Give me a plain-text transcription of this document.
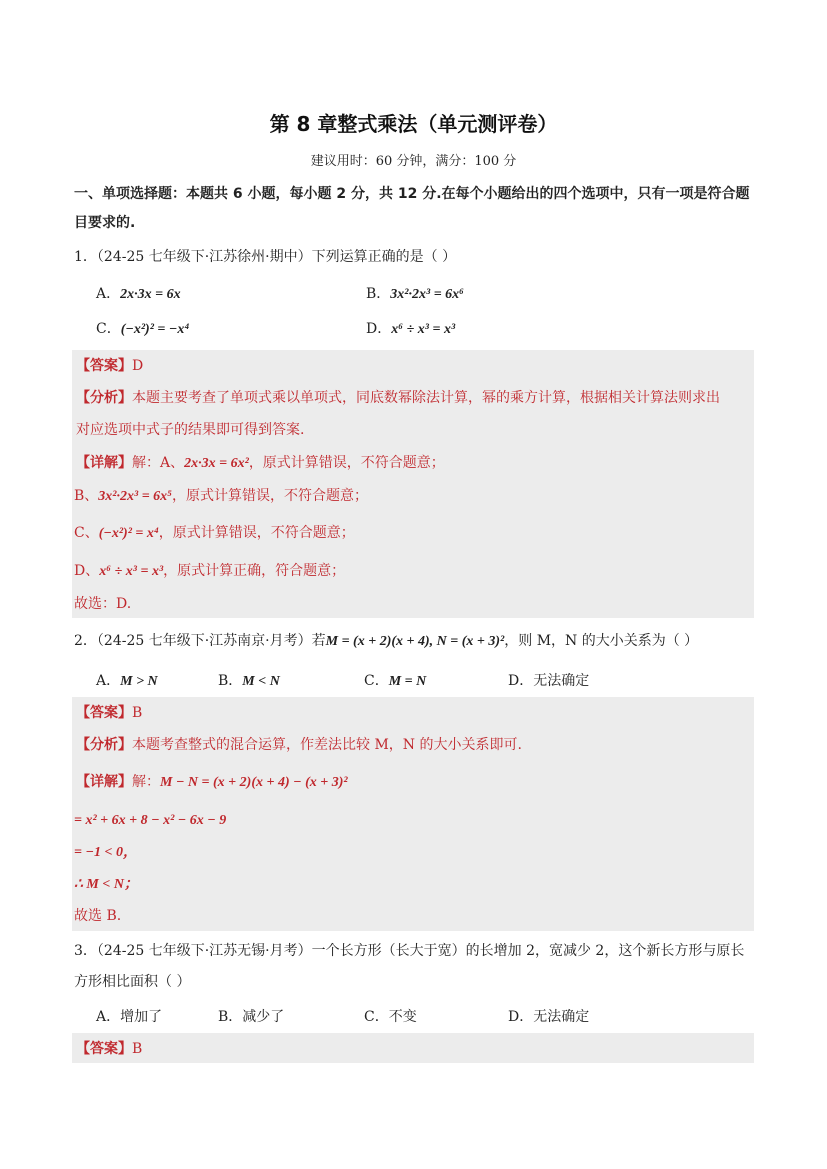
第 8 章整式乘法（单元测评卷）
建议用时：60 分钟，满分：100 分
一、单项选择题：本题共 6 小题，每小题 2 分，共 12 分.在每个小题给出的四个选项中，只有一项是符合题
目要求的.
1．（24-25 七年级下·江苏徐州·期中）下列运算正确的是（ ）
A．2x·3x = 6x	B．3x²·2x³ = 6x⁶
C．(−x²)² = −x⁴	D．x⁶ ÷ x³ = x³
【答案】D
【分析】本题主要考查了单项式乘以单项式，同底数幂除法计算，幂的乘方计算，根据相关计算法则求出
对应选项中式子的结果即可得到答案.
【详解】解：A、2x·3x = 6x²，原式计算错误，不符合题意；
B、3x²·2x³ = 6x⁵，原式计算错误，不符合题意；
C、(−x²)² = x⁴，原式计算错误，不符合题意；
D、x⁶ ÷ x³ = x³，原式计算正确，符合题意；
故选：D.
2．（24-25 七年级下·江苏南京·月考）若M = (x + 2)(x + 4), N = (x + 3)²，则 M，N 的大小关系为（ ）
A．M > N	B．M < N	C．M = N	D．无法确定
【答案】B
【分析】本题考查整式的混合运算，作差法比较 M，N 的大小关系即可.
【详解】解：M − N = (x + 2)(x + 4) − (x + 3)²
= x² + 6x + 8 − x² − 6x − 9
= −1 < 0，
∴ M < N；
故选 B.
3．（24-25 七年级下·江苏无锡·月考）一个长方形（长大于宽）的长增加 2，宽减少 2，这个新长方形与原长
方形相比面积（ ）
A．增加了	B．减少了	C．不变	D．无法确定
【答案】B
